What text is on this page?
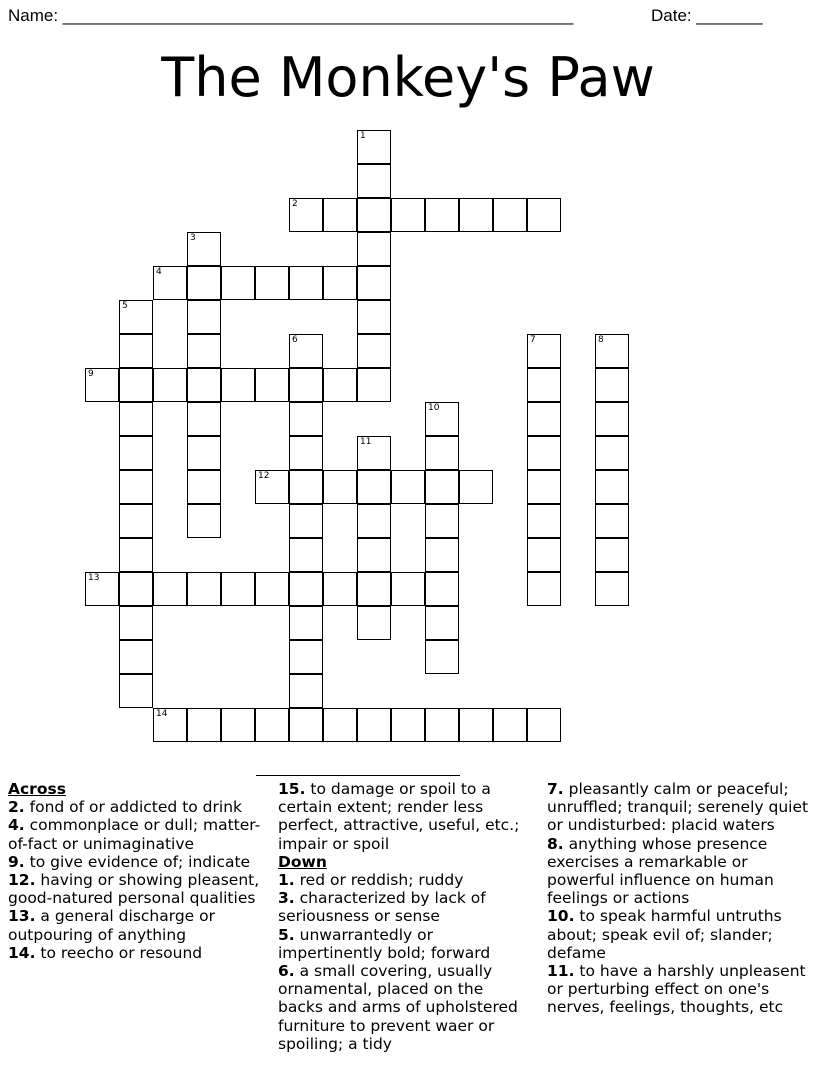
Name: ______________________________________________________	Date: _______
The Monkey's Paw
1
2
3
4
5
6	7	8
9
10
11
12
13
14

Across

2. fond of or addicted to drink

4. commonplace or dull; matter-of-fact or unimaginative

9. to give evidence of; indicate

12. having or showing pleasent, good-natured personal qualities

13. a general discharge or outpouring of anything

14. to reecho or resound

15. to damage or spoil to a certain extent; render less perfect, attractive, useful, etc.; impair or spoil

Down

1. red or reddish; ruddy

3. characterized by lack of seriousness or sense

5. unwarrantedly or impertinently bold; forward

6. a small covering, usually ornamental, placed on the backs and arms of upholstered furniture to prevent waer or spoiling; a tidy

7. pleasantly calm or peaceful; unruffled; tranquil; serenely quiet or undisturbed: placid waters

8. anything whose presence exercises a remarkable or powerful influence on human feelings or actions

10. to speak harmful untruths about; speak evil of; slander; defame

11. to have a harshly unpleasent or perturbing effect on one's nerves, feelings, thoughts, etc
